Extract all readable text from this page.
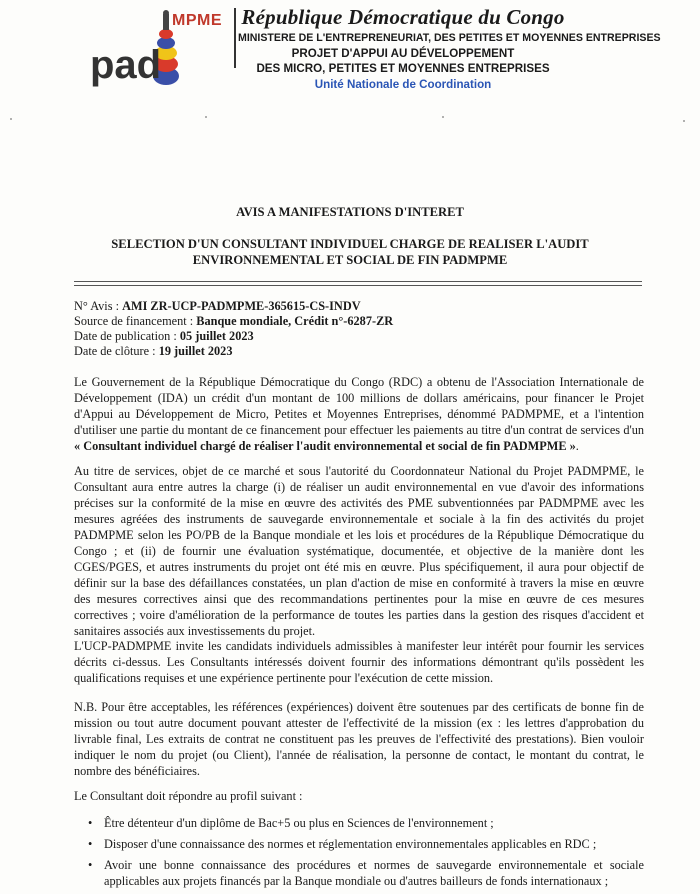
pad
MPME République Démocratique du Congo

MINISTERE DE L'ENTREPRENEURIAT, DES PETITES ET MOYENNES ENTREPRISES

PROJET D'APPUI AU DÉVELOPPEMENT

DES MICRO, PETITES ET MOYENNES ENTREPRISES

Unité Nationale de Coordination

AVIS A MANIFESTATIONS D'INTERET

SELECTION D'UN CONSULTANT INDIVIDUEL CHARGE DE REALISER L'AUDIT

ENVIRONNEMENTAL ET SOCIAL DE FIN PADMPME

N° Avis : AMI ZR-UCP-PADMPME-365615-CS-INDV
Source de financement : Banque mondiale, Crédit n°-6287-ZR
Date de publication : 05 juillet 2023
Date de clôture : 19 juillet 2023

Le Gouvernement de la République Démocratique du Congo (RDC) a obtenu de l'Association Internationale de Développement (IDA) un crédit d'un montant de 100 millions de dollars américains, pour financer le Projet d'Appui au Développement de Micro, Petites et Moyennes Entreprises, dénommé PADMPME, et a l'intention d'utiliser une partie du montant de ce financement pour effectuer les paiements au titre d'un contrat de services d'un « Consultant individuel chargé de réaliser l'audit environnemental et social de fin PADMPME ».

Au titre de services, objet de ce marché et sous l'autorité du Coordonnateur National du Projet PADMPME, le Consultant aura entre autres la charge (i) de réaliser un audit environnemental en vue d'avoir des informations précises sur la conformité de la mise en œuvre des activités des PME subventionnées par PADMPME avec les mesures agréées des instruments de sauvegarde environnementale et sociale à la fin des activités du projet PADMPME selon les PO/PB de la Banque mondiale et les lois et procédures de la République Démocratique du Congo ; et (ii) de fournir une évaluation systématique, documentée, et objective de la manière dont les CGES/PGES, et autres instruments du projet ont été mis en œuvre. Plus spécifiquement, il aura pour objectif de définir sur la base des défaillances constatées, un plan d'action de mise en conformité à travers la mise en œuvre des mesures correctives ainsi que des recommandations pertinentes pour la mise en œuvre de ces mesures correctives ; voire d'amélioration de la performance de toutes les parties dans la gestion des risques d'accident et sanitaires associés aux investissements du projet.

L'UCP-PADMPME invite les candidats individuels admissibles à manifester leur intérêt pour fournir les services décrits ci-dessus. Les Consultants intéressés doivent fournir des informations démontrant qu'ils possèdent les qualifications requises et une expérience pertinente pour l'exécution de cette mission.

N.B. Pour être acceptables, les références (expériences) doivent être soutenues par des certificats de bonne fin de mission ou tout autre document pouvant attester de l'effectivité de la mission (ex : les lettres d'approbation du livrable final, Les extraits de contrat ne constituent pas les preuves de l'effectivité des prestations). Bien vouloir indiquer le nom du projet (ou Client), l'année de réalisation, la personne de contact, le montant du contrat, le nombre des bénéficiaires.

Le Consultant doit répondre au profil suivant :

• Être détenteur d'un diplôme de Bac+5 ou plus en Sciences de l'environnement ;
• Disposer d'une connaissance des normes et réglementation environnementales applicables en RDC ;
• Avoir une bonne connaissance des procédures et normes de sauvegarde environnementale et sociale applicables aux projets financés par la Banque mondiale ou d'autres bailleurs de fonds internationaux ;
